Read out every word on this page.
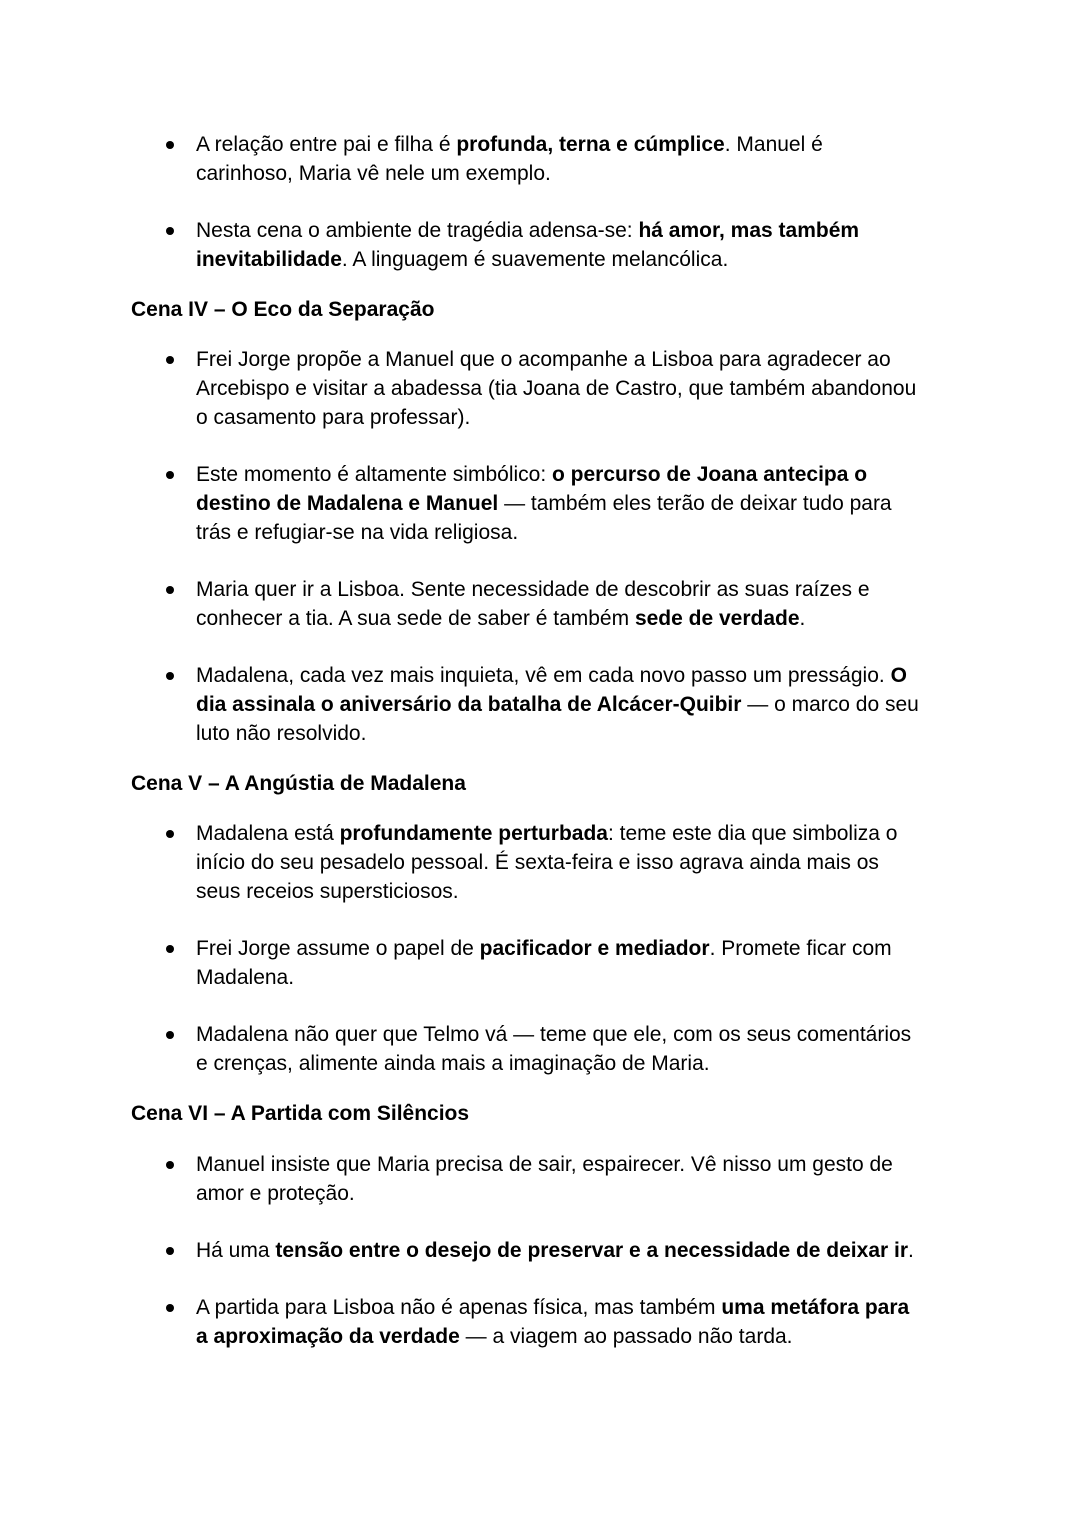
A relação entre pai e filha é profunda, terna e cúmplice. Manuel é
carinhoso, Maria vê nele um exemplo.
Nesta cena o ambiente de tragédia adensa-se: há amor, mas também
inevitabilidade. A linguagem é suavemente melancólica.
Cena IV – O Eco da Separação
Frei Jorge propõe a Manuel que o acompanhe a Lisboa para agradecer ao
Arcebispo e visitar a abadessa (tia Joana de Castro, que também abandonou
o casamento para professar).
Este momento é altamente simbólico: o percurso de Joana antecipa o
destino de Madalena e Manuel — também eles terão de deixar tudo para
trás e refugiar-se na vida religiosa.
Maria quer ir a Lisboa. Sente necessidade de descobrir as suas raízes e
conhecer a tia. A sua sede de saber é também sede de verdade.
Madalena, cada vez mais inquieta, vê em cada novo passo um presságio. O
dia assinala o aniversário da batalha de Alcácer-Quibir — o marco do seu
luto não resolvido.
Cena V – A Angústia de Madalena
Madalena está profundamente perturbada: teme este dia que simboliza o
início do seu pesadelo pessoal. É sexta-feira e isso agrava ainda mais os
seus receios supersticiosos.
Frei Jorge assume o papel de pacificador e mediador. Promete ficar com
Madalena.
Madalena não quer que Telmo vá — teme que ele, com os seus comentários
e crenças, alimente ainda mais a imaginação de Maria.
Cena VI – A Partida com Silêncios
Manuel insiste que Maria precisa de sair, espairecer. Vê nisso um gesto de
amor e proteção.
Há uma tensão entre o desejo de preservar e a necessidade de deixar ir.
A partida para Lisboa não é apenas física, mas também uma metáfora para
a aproximação da verdade — a viagem ao passado não tarda.
